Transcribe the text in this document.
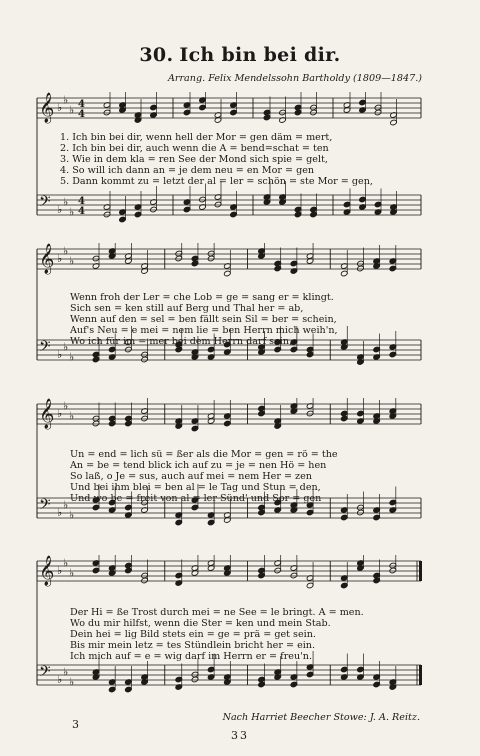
30. Ich bin bei dir.
Arrang. Felix Mendelssohn Bartholdy (1809—1847.)
𝄞 ♭
♭
♭ 4
4
𝄢 ♭
♭
♭
4
4
1. Ich bin bei dir, wenn hell der Mor = gen däm = mert,
2. Ich bin bei dir, auch wenn die A = bend=schat = ten
3. Wie in dem kla = ren See der Mond sich spie = gelt,
4. So will ich dann an = je dem neu = en Mor = gen
5. Dann kommt zu = letzt der al = ler = schön = ste Mor = gen,
𝄞 ♭
♭
♭
𝄢 ♭
♭
♭
Wenn froh der Ler = che Lob = ge = sang er = klingt.
Sich sen = ken still auf Berg und Thal her = ab,
Wenn auf den = sel = ben fällt sein Sil = ber = schein,
Auf's Neu = e mei = nem lie = ben Herrn mich weih'n,
Wo ich für im = mer bei dem Herrn darf sein,
𝄞 ♭
♭
♭
𝄢 ♭
♭
♭
Un = end = lich sü = ßer als die Mor = gen = rö = the
An = be = tend blick ich auf zu = je = nen Hö = hen
So laß, o Je = sus, auch auf mei = nem Her = zen
Und bei ihm blei = ben al = le Tag und Stun = den,
Und wo be = freit von al = ler Sünd' und Sor = gen
𝄞 ♭
♭
♭
𝄢 ♭
♭
♭
Der Hi = ße Trost durch mei = ne See = le bringt. A = men.
Wo du mir hilfst, wenn die Ster = ken und mein Stab.
Dein hei = lig Bild stets ein = ge = prä = get sein.
Bis mir mein letz = tes Stündlein bricht her = ein.
Ich mich auf = e = wig darf im Herrn er = freu'n.
3
Nach Harriet Beecher Stowe: J. A. Reitz.
33
